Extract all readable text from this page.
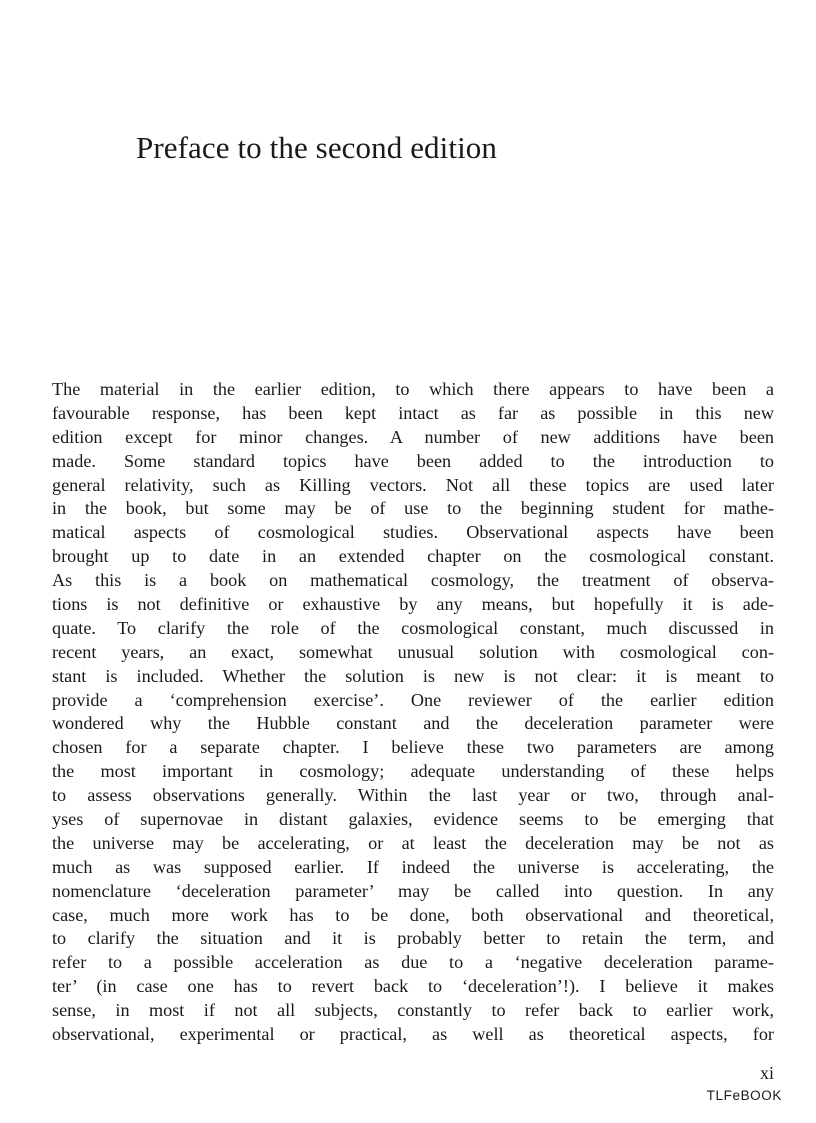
Preface to the second edition
The material in the earlier edition, to which there appears to have been a
favourable response, has been kept intact as far as possible in this new
edition except for minor changes. A number of new additions have been
made. Some standard topics have been added to the introduction to
general relativity, such as Killing vectors. Not all these topics are used later
in the book, but some may be of use to the beginning student for mathe-
matical aspects of cosmological studies. Observational aspects have been
brought up to date in an extended chapter on the cosmological constant.
As this is a book on mathematical cosmology, the treatment of observa-
tions is not definitive or exhaustive by any means, but hopefully it is ade-
quate. To clarify the role of the cosmological constant, much discussed in
recent years, an exact, somewhat unusual solution with cosmological con-
stant is included. Whether the solution is new is not clear: it is meant to
provide a ‘comprehension exercise’. One reviewer of the earlier edition
wondered why the Hubble constant and the deceleration parameter were
chosen for a separate chapter. I believe these two parameters are among
the most important in cosmology; adequate understanding of these helps
to assess observations generally. Within the last year or two, through anal-
yses of supernovae in distant galaxies, evidence seems to be emerging that
the universe may be accelerating, or at least the deceleration may be not as
much as was supposed earlier. If indeed the universe is accelerating, the
nomenclature ‘deceleration parameter’ may be called into question. In any
case, much more work has to be done, both observational and theoretical,
to clarify the situation and it is probably better to retain the term, and
refer to a possible acceleration as due to a ‘negative deceleration parame-
ter’ (in case one has to revert back to ‘deceleration’!). I believe it makes
sense, in most if not all subjects, constantly to refer back to earlier work,
observational, experimental or practical, as well as theoretical aspects, for
xi
TLFeBOOK
